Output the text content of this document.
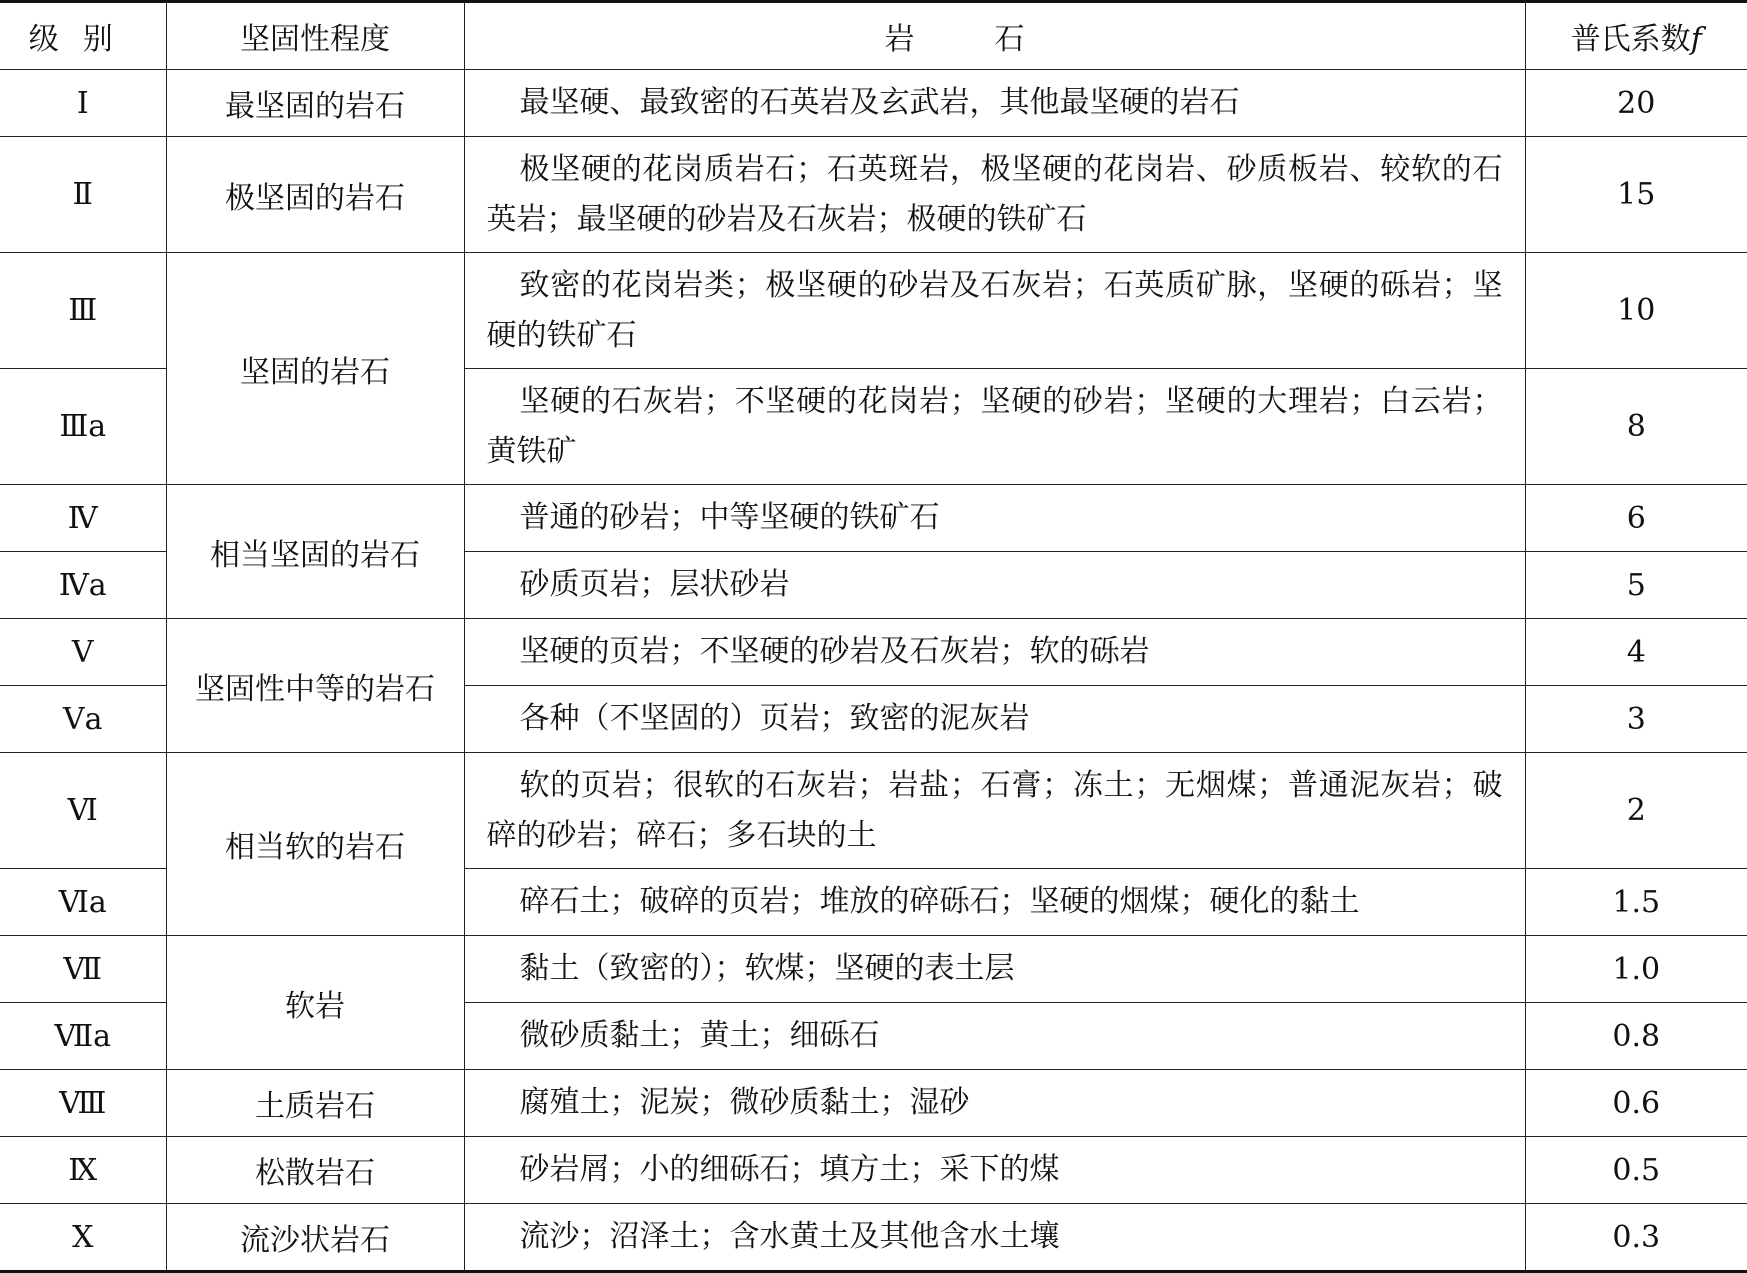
级别	坚固性程度	岩石	普氏系数f
Ⅰ	最坚固的岩石	最坚硬、最致密的石英岩及玄武岩，其他最坚硬的岩石	20
Ⅱ	极坚固的岩石	极坚硬的花岗质岩石；石英斑岩，极坚硬的花岗岩、砂质板岩、较软的石英岩；最坚硬的砂岩及石灰岩；极硬的铁矿石	15
Ⅲ	坚固的岩石	致密的花岗岩类；极坚硬的砂岩及石灰岩；石英质矿脉，坚硬的砾岩；坚硬的铁矿石	10
Ⅲa		坚硬的石灰岩；不坚硬的花岗岩；坚硬的砂岩；坚硬的大理岩；白云岩；黄铁矿	8
Ⅳ	相当坚固的岩石	普通的砂岩；中等坚硬的铁矿石	6
Ⅳa		砂质页岩；层状砂岩	5
Ⅴ	坚固性中等的岩石	坚硬的页岩；不坚硬的砂岩及石灰岩；软的砾岩	4
Ⅴa		各种（不坚固的）页岩；致密的泥灰岩	3
Ⅵ	相当软的岩石	软的页岩；很软的石灰岩；岩盐；石膏；冻土；无烟煤；普通泥灰岩；破碎的砂岩；碎石；多石块的土	2
Ⅵa		碎石土；破碎的页岩；堆放的碎砾石；坚硬的烟煤；硬化的黏土	1.5
Ⅶ	软岩	黏土（致密的）；软煤；坚硬的表土层	1.0
Ⅶa		微砂质黏土；黄土；细砾石	0.8
Ⅷ	土质岩石	腐殖土；泥炭；微砂质黏土；湿砂	0.6
Ⅸ	松散岩石	砂岩屑；小的细砾石；填方土；采下的煤	0.5
Ⅹ	流沙状岩石	流沙；沼泽土；含水黄土及其他含水土壤	0.3
